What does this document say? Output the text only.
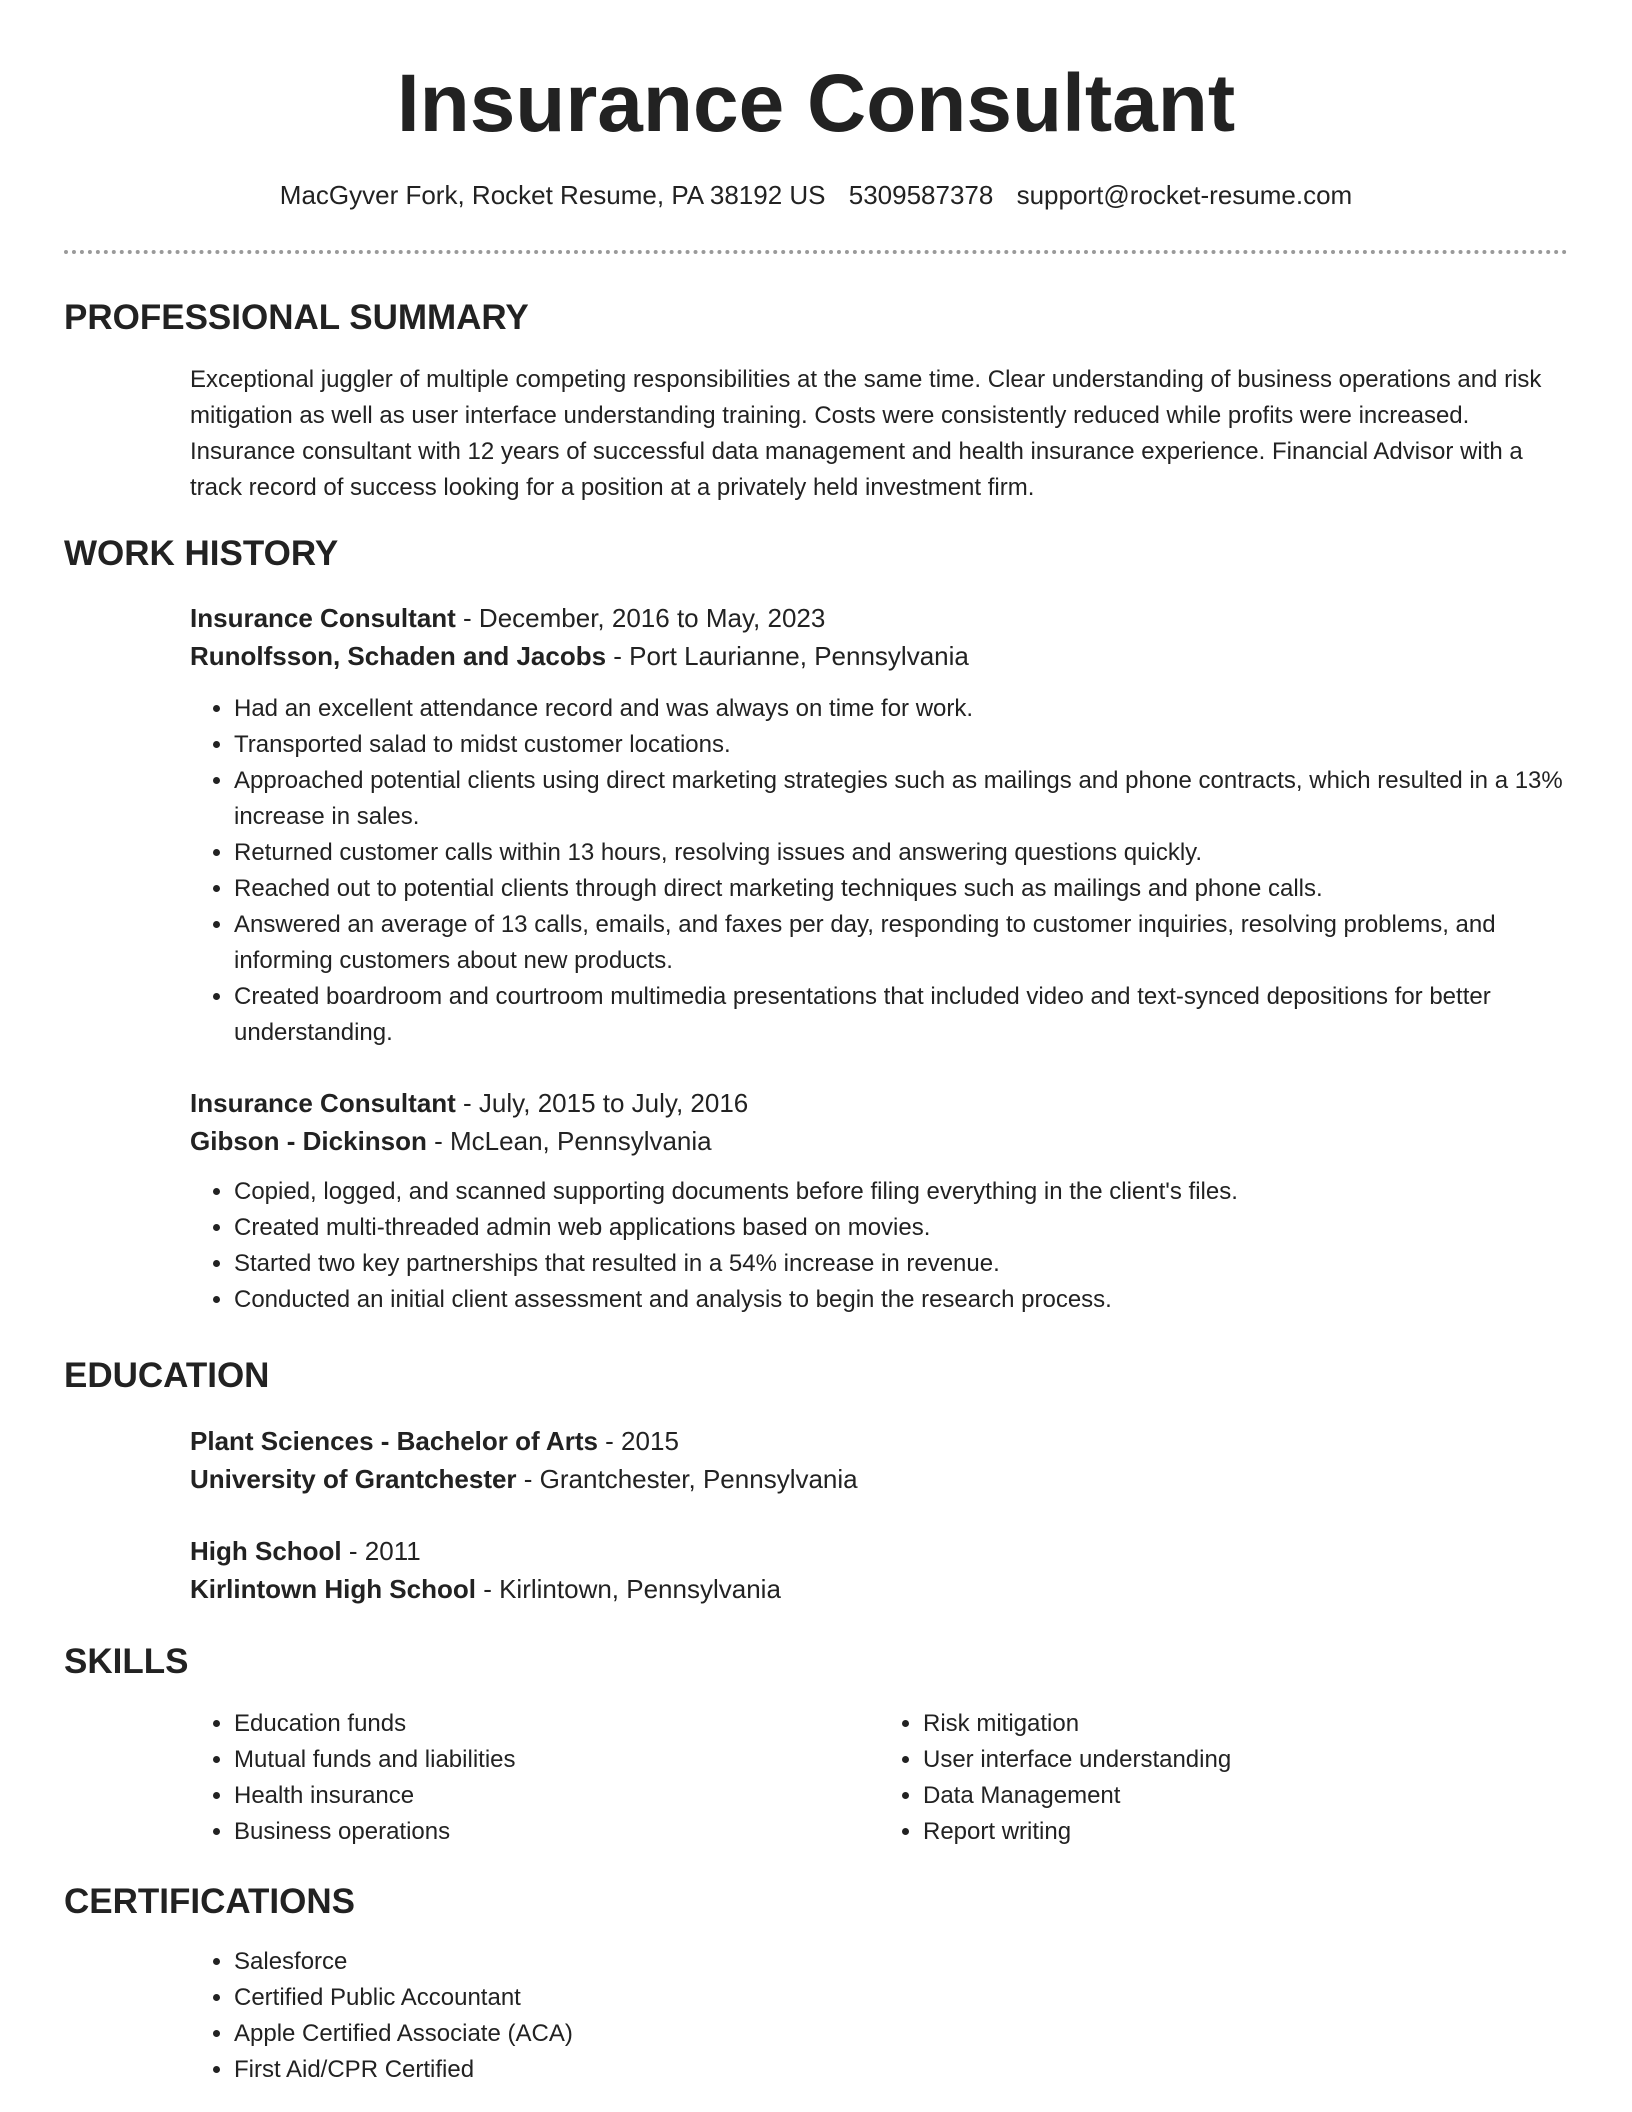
Insurance Consultant
MacGyver Fork, Rocket Resume, PA 38192 US 5309587378 support@rocket-resume.com
PROFESSIONAL SUMMARY

Exceptional juggler of multiple competing responsibilities at the same time. Clear understanding of business operations and risk mitigation as well as user interface understanding training. Costs were consistently reduced while profits were increased. Insurance consultant with 12 years of successful data management and health insurance experience. Financial Advisor with a track record of success looking for a position at a privately held investment firm.

WORK HISTORY

Insurance Consultant - December, 2016 to May, 2023

Runolfsson, Schaden and Jacobs - Port Laurianne, Pennsylvania

• Had an excellent attendance record and was always on time for work.
• Transported salad to midst customer locations.
• Approached potential clients using direct marketing strategies such as mailings and phone contracts, which resulted in a 13% increase in sales.
• Returned customer calls within 13 hours, resolving issues and answering questions quickly.
• Reached out to potential clients through direct marketing techniques such as mailings and phone calls.
• Answered an average of 13 calls, emails, and faxes per day, responding to customer inquiries, resolving problems, and informing customers about new products.
• Created boardroom and courtroom multimedia presentations that included video and text-synced depositions for better understanding.

Insurance Consultant - July, 2015 to July, 2016

Gibson - Dickinson - McLean, Pennsylvania

• Copied, logged, and scanned supporting documents before filing everything in the client's files.
• Created multi-threaded admin web applications based on movies.
• Started two key partnerships that resulted in a 54% increase in revenue.
• Conducted an initial client assessment and analysis to begin the research process.
EDUCATION

Plant Sciences - Bachelor of Arts - 2015

University of Grantchester - Grantchester, Pennsylvania

High School - 2011

Kirlintown High School - Kirlintown, Pennsylvania

SKILLS
• Education funds
• Mutual funds and liabilities
• Health insurance
• Business operations
• Risk mitigation
• User interface understanding
• Data Management
• Report writing
CERTIFICATIONS
• Salesforce
• Certified Public Accountant
• Apple Certified Associate (ACA)
• First Aid/CPR Certified
